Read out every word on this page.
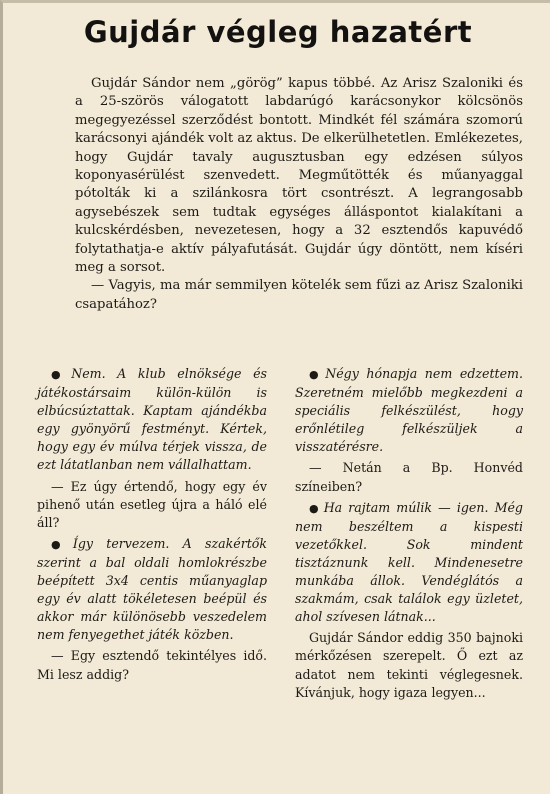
Gujdár végleg hazatért

Gujdár Sándor nem „görög” kapus többé. Az Arisz Szaloniki és a 25-szörös válogatott labdarúgó karácsonykor kölcsönös megegyezéssel szerződést bontott. Mindkét fél számára szomorú karácsonyi ajándék volt az aktus. De elkerülhetetlen. Emlékezetes, hogy Gujdár tavaly augusztusban egy edzésen súlyos koponyasérülést szenvedett. Megműtötték és műanyaggal pótolták ki a szilánkosra tört csontrészt. A legrangosabb agysebészek sem tudtak egységes álláspontot kialakítani a kulcskérdésben, nevezetesen, hogy a 32 esztendős kapuvédő folytathatja-e aktív pályafutását. Gujdár úgy döntött, nem kíséri meg a sorsot.

— Vagyis, ma már semmilyen kötelék sem fűzi az Arisz Szaloniki csapatához?

● Nem. A klub elnöksége és játékostársaim külön-külön is elbúcsúztattak. Kaptam ajándékba egy gyönyörű festményt. Kértek, hogy egy év múlva térjek vissza, de ezt látatlanban nem vállalhattam.

— Ez úgy értendő, hogy egy év pihenő után esetleg újra a háló elé áll?

● Így tervezem. A szakértők szerint a bal oldali homlokrészbe beépített 3x4 centis műanyaglap egy év alatt tökéletesen beépül és akkor már különösebb veszedelem nem fenyegethet játék közben.

— Egy esztendő tekintélyes idő. Mi lesz addig?

● Négy hónapja nem edzettem. Szeretném mielőbb megkezdeni a speciális felkészülést, hogy erőnlétileg felkészüljek a visszatérésre.

— Netán a Bp. Honvéd színeiben?

● Ha rajtam múlik — igen. Még nem beszéltem a kispesti vezetőkkel. Sok mindent tisztáznunk kell. Mindenesetre munkába állok. Vendéglátós a szakmám, csak találok egy üzletet, ahol szívesen látnak...

Gujdár Sándor eddig 350 bajnoki mérkőzésen szerepelt. Ő ezt az adatot nem tekinti véglegesnek. Kívánjuk, hogy igaza legyen...
